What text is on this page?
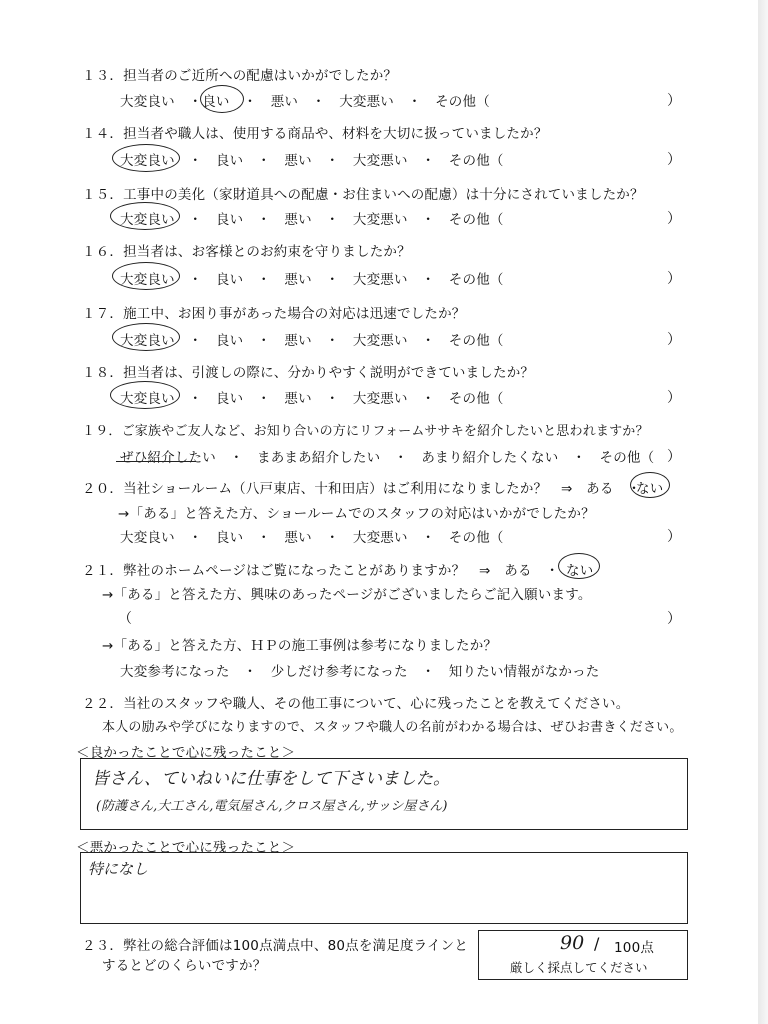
１３．担当者のご近所への配慮はいかがでしたか？
大変良い　・良い　・　悪い　・　大変悪い　・　その他（	）
１４．担当者や職人は、使用する商品や、材料を大切に扱っていましたか？
大変良い　・　良い　・　悪い　・　大変悪い　・　その他（	）
１５．工事中の美化（家財道具への配慮・お住まいへの配慮）は十分にされていましたか？
大変良い　・　良い　・　悪い　・　大変悪い　・　その他（	）
１６．担当者は、お客様とのお約束を守りましたか？
大変良い　・　良い　・　悪い　・　大変悪い　・　その他（	）
１７．施工中、お困り事があった場合の対応は迅速でしたか？
大変良い　・　良い　・　悪い　・　大変悪い　・　その他（	）
１８．担当者は、引渡しの際に、分かりやすく説明ができていましたか？
大変良い　・　良い　・　悪い　・　大変悪い　・　その他（	）
１９．ご家族やご友人など、お知り合いの方にリフォームササキを紹介したいと思われますか？
ぜひ紹介したい　・　まあまあ紹介したい　・　あまり紹介したくない　・　その他（ ）
２０．当社ショールーム（八戸東店、十和田店）はご利用になりましたか？　⇒　ある　・
ない
→「ある」と答えた方、ショールームでのスタッフの対応はいかがでしたか？
大変良い　・　良い　・　悪い　・　大変悪い　・　その他（	）
２１．弊社のホームページはご覧になったことがありますか？　⇒　ある　・ ない
→「ある」と答えた方、興味のあったページがございましたらご記入願います。
（	）
→「ある」と答えた方、ＨＰの施工事例は参考になりましたか？
大変参考になった　・　少しだけ参考になった　・　知りたい情報がなかった
２２．当社のスタッフや職人、その他工事について、心に残ったことを教えてください。
本人の励みや学びになりますので、スタッフや職人の名前がわかる場合は、ぜひお書きください。
＜良かったことで心に残ったこと＞
皆さん、ていねいに仕事をして下さいました。
(防護さん,大工さん,電気屋さん,クロス屋さん,サッシ屋さん)
＜悪かったことで心に残ったこと＞
特になし
２３．弊社の総合評価は100点満点中、80点を満足度ラインと
するとどのくらいですか？
90 / 100点
厳しく採点してください
